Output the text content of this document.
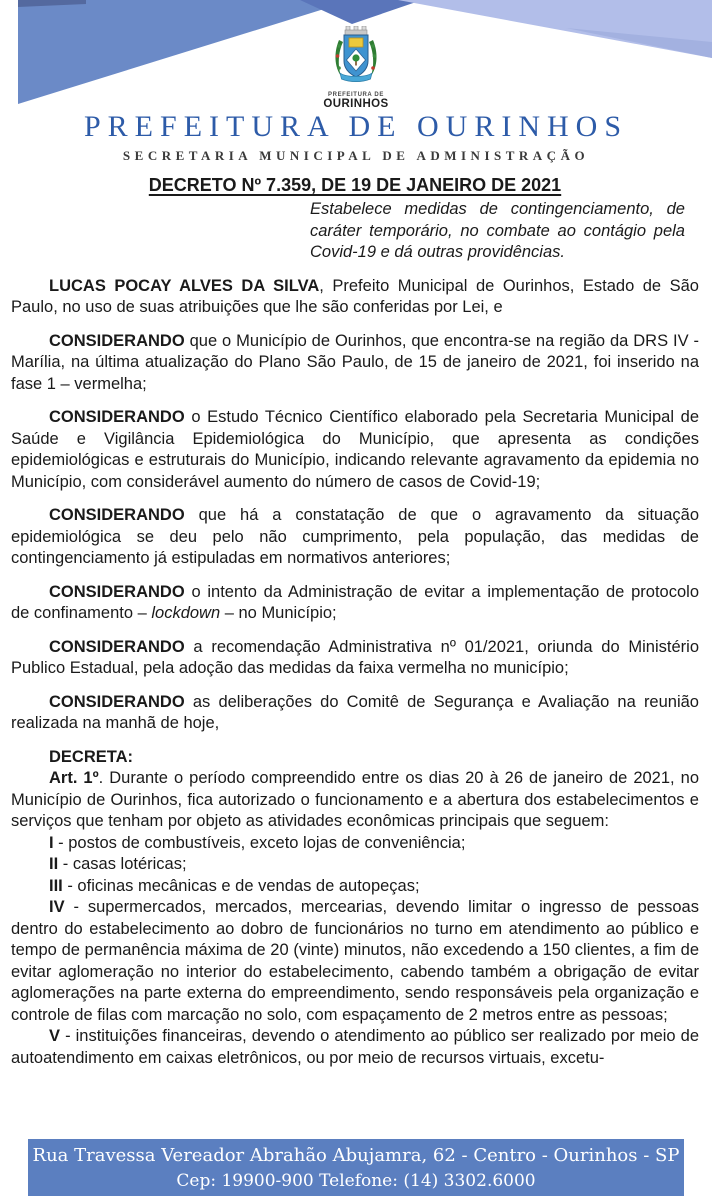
PREFEITURA DE
OURINHOS
PREFEITURA DE OURINHOS
SECRETARIA MUNICIPAL DE ADMINISTRAÇÃO
DECRETO Nº 7.359, DE 19 DE JANEIRO DE 2021

Estabelece medidas de contingenciamento, de caráter temporário, no combate ao contágio pela Covid-19 e dá outras providências.

LUCAS POCAY ALVES DA SILVA, Prefeito Municipal de Ourinhos, Estado de São Paulo, no uso de suas atribuições que lhe são conferidas por Lei, e

CONSIDERANDO que o Município de Ourinhos, que encontra-se na região da DRS IV - Marília, na última atualização do Plano São Paulo, de 15 de janeiro de 2021, foi inserido na fase 1 – vermelha;

CONSIDERANDO o Estudo Técnico Científico elaborado pela Secretaria Municipal de Saúde e Vigilância Epidemiológica do Município, que apresenta as condições epidemiológicas e estruturais do Município, indicando relevante agravamento da epidemia no Município, com considerável aumento do número de casos de Covid-19;

CONSIDERANDO que há a constatação de que o agravamento da situação epidemiológica se deu pelo não cumprimento, pela população, das medidas de contingenciamento já estipuladas em normativos anteriores;

CONSIDERANDO o intento da Administração de evitar a implementação de protocolo de confinamento – lockdown – no Município;

CONSIDERANDO a recomendação Administrativa nº 01/2021, oriunda do Ministério Publico Estadual, pela adoção das medidas da faixa vermelha no município;

CONSIDERANDO as deliberações do Comitê de Segurança e Avaliação na reunião realizada na manhã de hoje,

DECRETA:

Art. 1º. Durante o período compreendido entre os dias 20 à 26 de janeiro de 2021, no Município de Ourinhos, fica autorizado o funcionamento e a abertura dos estabelecimentos e serviços que tenham por objeto as atividades econômicas principais que seguem:

I - postos de combustíveis, exceto lojas de conveniência;

II - casas lotéricas;

III - oficinas mecânicas e de vendas de autopeças;

IV - supermercados, mercados, mercearias, devendo limitar o ingresso de pessoas dentro do estabelecimento ao dobro de funcionários no turno em atendimento ao público e tempo de permanência máxima de 20 (vinte) minutos, não excedendo a 150 clientes, a fim de evitar aglomeração no interior do estabelecimento, cabendo também a obrigação de evitar aglomerações na parte externa do empreendimento, sendo responsáveis pela organização e controle de filas com marcação no solo, com espaçamento de 2 metros entre as pessoas;

V - instituições financeiras, devendo o atendimento ao público ser realizado por meio de autoatendimento em caixas eletrônicos, ou por meio de recursos virtuais, excetu-

Rua Travessa Vereador Abrahão Abujamra, 62 - Centro - Ourinhos - SP
Cep: 19900-900 Telefone: (14) 3302.6000
